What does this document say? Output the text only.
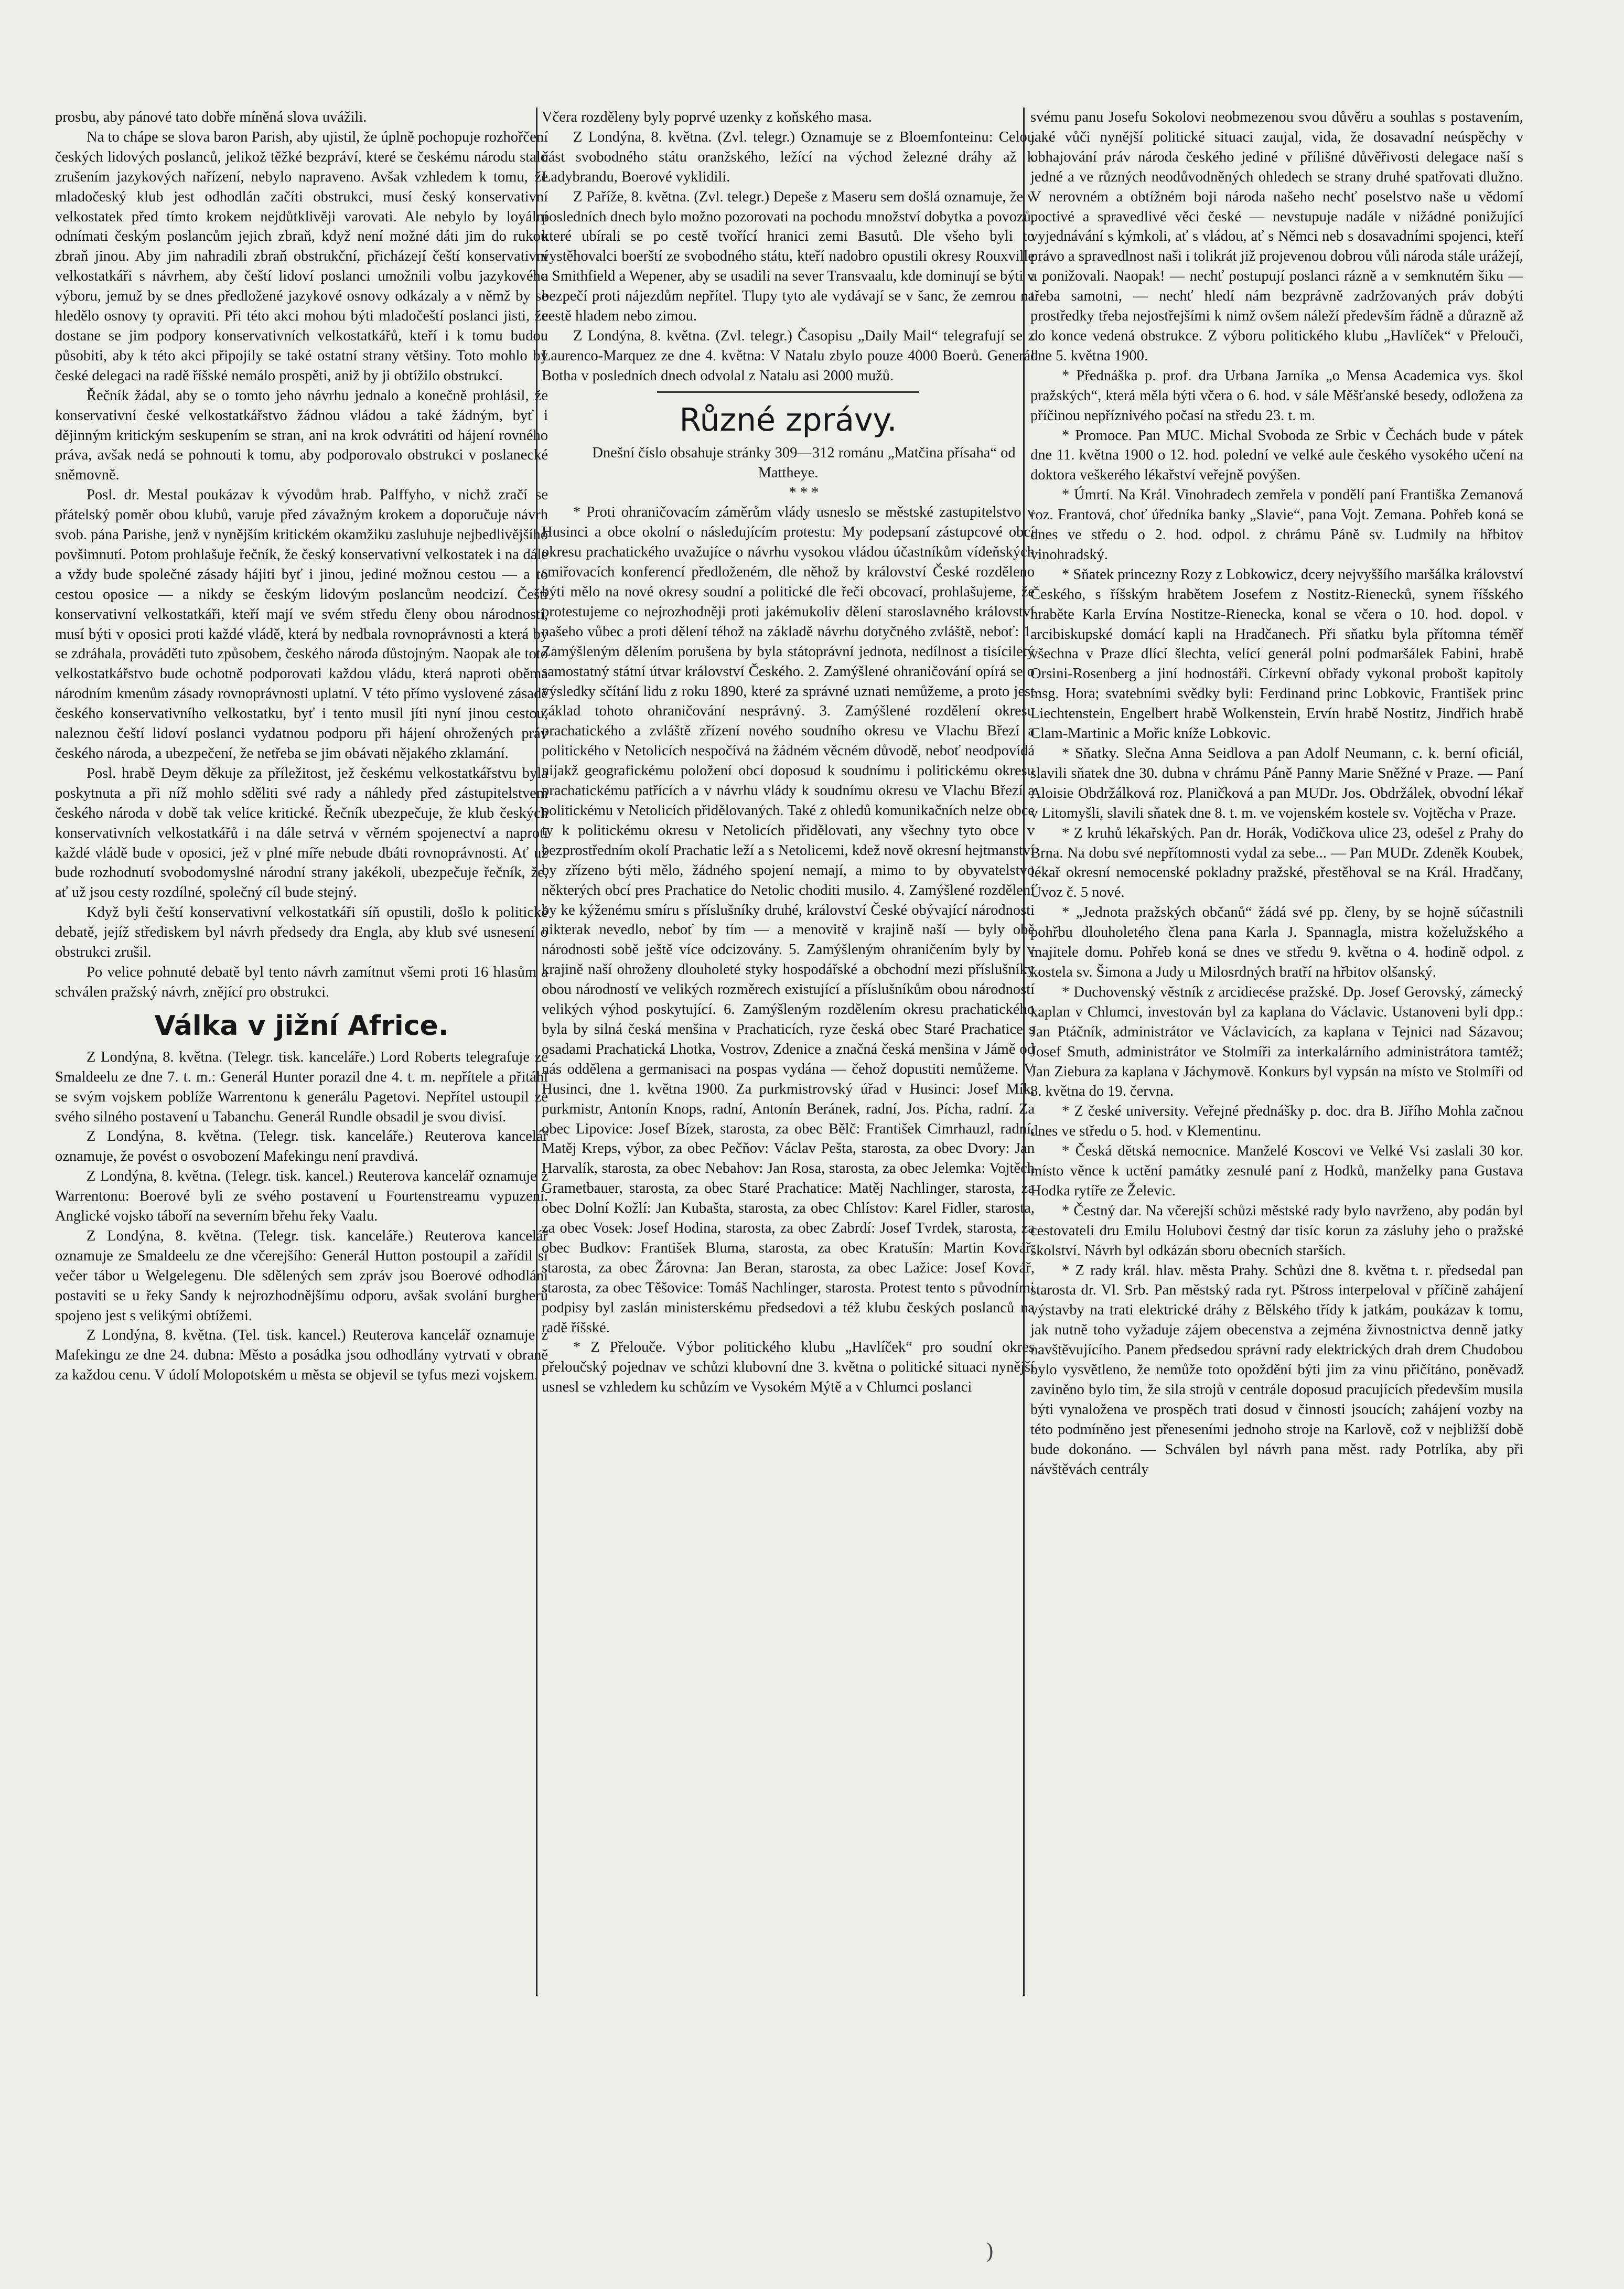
prosbu, aby pánové tato dobře míněná slova uvážili.

Na to chápe se slova baron Parish, aby ujistil, že úplně pochopuje rozhořčení českých lidových poslanců, jelikož těžké bezpráví, které se českému národu stalo zrušením jazykových nařízení, nebylo napraveno. Avšak vzhledem k tomu, že mladočeský klub jest odhodlán začíti obstrukci, musí český konservativní velkostatek před tímto krokem nejdůtklivěji varovati. Ale nebylo by loyální odnímati českým poslancům jejich zbraň, když není možné dáti jim do rukou zbraň jinou. Aby jim nahradili zbraň obstrukční, přicházejí čeští konservativní velkostatkáři s návrhem, aby čeští lidoví poslanci umožnili volbu jazykového výboru, jemuž by se dnes předložené jazykové osnovy odkázaly a v němž by se hledělo osnovy ty opraviti. Při této akci mohou býti mladočeští poslanci jisti, že dostane se jim podpory konservativních velkostatkářů, kteří i k tomu budou působiti, aby k této akci připojily se také ostatní strany většiny. Toto mohlo by české delegaci na radě říšské nemálo prospěti, aniž by ji obtížilo obstrukcí.

Řečník žádal, aby se o tomto jeho návrhu jednalo a konečně prohlásil, že konservativní české velkostatkářstvo žádnou vládou a také žádným, byť i dějinným kritickým seskupením se stran, ani na krok odvrátiti od hájení rovného práva, avšak nedá se pohnouti k tomu, aby podporovalo obstrukci v poslanecké sněmovně.

Posl. dr. Mestal poukázav k vývodům hrab. Palffyho, v nichž zračí se přátelský poměr obou klubů, varuje před závažným krokem a doporučuje návrh svob. pána Parishe, jenž v nynějším kritickém okamžiku zasluhuje nejbedlivějšího povšimnutí. Potom prohlašuje řečník, že český konservativní velkostatek i na dále a vždy bude společné zásady hájiti byť i jinou, jediné možnou cestou — a to cestou oposice — a nikdy se českým lidovým poslancům neodcizí. Čeští konservativní velkostatkáři, kteří mají ve svém středu členy obou národností, musí býti v oposici proti každé vládě, která by nedbala rovnoprávnosti a která by se zdráhala, prováděti tuto způsobem, českého národa důstojným. Naopak ale toto velkostatkářstvo bude ochotně podporovati každou vládu, která naproti oběma národním kmenům zásady rovnoprávnosti uplatní. V této přímo vyslovené zásadě českého konservativního velkostatku, byť i tento musil jíti nyní jinou cestou, naleznou čeští lidoví poslanci vydatnou podporu při hájení ohrožených práv českého národa, a ubezpečení, že netřeba se jim obávati nějakého zklamání.

Posl. hrabě Deym děkuje za příležitost, jež českému velkostatkářstvu byla poskytnuta a při níž mohlo sděliti své rady a náhledy před zástupitelstvem českého národa v době tak velice kritické. Řečník ubezpečuje, že klub českých konservativních velkostatkářů i na dále setrvá v věrném spojenectví a naproti každé vládě bude v oposici, jež v plné míře nebude dbáti rovnoprávnosti. Ať už bude rozhodnutí svobodomyslné národní strany jakékoli, ubezpečuje řečník, že, ať už jsou cesty rozdílné, společný cíl bude stejný.

Když byli čeští konservativní velkostatkáři síň opustili, došlo k politické debatě, jejíž střediskem byl návrh předsedy dra Engla, aby klub své usnesení o obstrukci zrušil.

Po velice pohnuté debatě byl tento návrh zamítnut všemi proti 16 hlasům a schválen pražský návrh, znějící pro obstrukci.

Válka v jižní Africe.

Z Londýna, 8. května. (Telegr. tisk. kanceláře.) Lord Roberts telegrafuje ze Smaldeelu ze dne 7. t. m.: Generál Hunter porazil dne 4. t. m. nepřítele a přitáhl se svým vojskem poblíže Warrentonu k generálu Pagetovi. Nepřítel ustoupil ze svého silného postavení u Tabanchu. Generál Rundle obsadil je svou divisí.

Z Londýna, 8. května. (Telegr. tisk. kanceláře.) Reuterova kancelář oznamuje, že povést o osvobození Mafekingu není pravdivá.

Z Londýna, 8. května. (Telegr. tisk. kancel.) Reuterova kancelář oznamuje z Warrentonu: Boerové byli ze svého postavení u Fourtenstreamu vypuzeni. Anglické vojsko táboří na severním břehu řeky Vaalu.

Z Londýna, 8. května. (Telegr. tisk. kanceláře.) Reuterova kancelář oznamuje ze Smaldeelu ze dne včerejšího: Generál Hutton postoupil a zařídil si večer tábor u Welgelegenu. Dle sdělených sem zpráv jsou Boerové odhodláni postaviti se u řeky Sandy k nejrozhodnějšímu odporu, avšak svolání burgherů spojeno jest s velikými obtížemi.

Z Londýna, 8. května. (Tel. tisk. kancel.) Reuterova kancelář oznamuje z Mafekingu ze dne 24. dubna: Město a posádka jsou odhodlány vytrvati v obraně za každou cenu. V údolí Molopotském u města se objevil se tyfus mezi vojskem.

Včera rozděleny byly poprvé uzenky z koňského masa.

Z Londýna, 8. května. (Zvl. telegr.) Oznamuje se z Bloemfonteinu: Celou část svobodného státu oranžského, ležící na východ železné dráhy až k Ladybrandu, Boerové vyklidili.

Z Paříže, 8. května. (Zvl. telegr.) Depeše z Maseru sem došlá oznamuje, že v posledních dnech bylo možno pozorovati na pochodu množství dobytka a povozů, které ubírali se po cestě tvořící hranici zemi Basutů. Dle všeho byli to vystěhovalci boerští ze svobodného státu, kteří nadobro opustili okresy Rouxville a Smithfield a Wepener, aby se usadili na sever Transvaalu, kde dominují se býti v bezpečí proti nájezdům nepřítel. Tlupy tyto ale vydávají se v šanc, že zemrou na cestě hladem nebo zimou.

Z Londýna, 8. května. (Zvl. telegr.) Časopisu „Daily Mail“ telegrafují se z Laurenco-Marquez ze dne 4. května: V Natalu zbylo pouze 4000 Boerů. Generál Botha v posledních dnech odvolal z Natalu asi 2000 mužů.

Různé zprávy.

Dnešní číslo obsahuje stránky 309—312 románu „Matčina přísaha“ od Mattheye.

* * *

* Proti ohraničovacím záměrům vlády usneslo se městské zastupitelstvo v Husinci a obce okolní o následujícím protestu: My podepsaní zástupcové obcí okresu prachatického uvažujíce o návrhu vysokou vládou účastníkům vídeňských smiřovacích konferencí předloženém, dle něhož by království České rozděleno býti mělo na nové okresy soudní a politické dle řeči obcovací, prohlašujeme, že protestujeme co nejrozhodněji proti jakémukoliv dělení staroslavného království našeho vůbec a proti dělení téhož na základě návrhu dotyčného zvláště, neboť: 1. Zamýšleným dělením porušena by byla státoprávní jednota, nedílnost a tisíciletý samostatný státní útvar království Českého. 2. Zamýšlené ohraničování opírá se o výsledky sčítání lidu z roku 1890, které za správné uznati nemůžeme, a proto jest základ tohoto ohraničování nesprávný. 3. Zamýšlené rozdělení okresu prachatického a zvláště zřízení nového soudního okresu ve Vlachu Březí a politického v Netolicích nespočívá na žádném věcném důvodě, neboť neodpovídá nijakž geografickému položení obcí doposud k soudnímu i politickému okresu prachatickému patřících a v návrhu vlády k soudnímu okresu ve Vlachu Březí a politickému v Netolicích přidělovaných. Také z ohledů komunikačních nelze obce ty k politickému okresu v Netolicích přidělovati, any všechny tyto obce v bezprostředním okolí Prachatic leží a s Netolicemi, kdež nově okresní hejtmanství by zřízeno býti mělo, žádného spojení nemají, a mimo to by obyvatelstvo některých obcí pres Prachatice do Netolic choditi musilo. 4. Zamýšlené rozdělení by ke kýženému smíru s příslušníky druhé, království České obývající národnosti nikterak nevedlo, neboť by tím — a menovitě v krajině naší — byly obě národnosti sobě ještě více odcizovány. 5. Zamýšleným ohraničením byly by v krajině naší ohroženy dlouholeté styky hospodářské a obchodní mezi příslušníky obou národností ve velikých rozměrech existující a příslušníkům obou národností velikých výhod poskytující. 6. Zamýšleným rozdělením okresu prachatického byla by silná česká menšina v Prachaticích, ryze česká obec Staré Prachatice s osadami Prachatická Lhotka, Vostrov, Zdenice a značná česká menšina v Jámě od nás oddělena a germanisaci na pospas vydána — čehož dopustiti nemůžeme. V Husinci, dne 1. května 1900. Za purkmistrovský úřad v Husinci: Josef Mík, purkmistr, Antonín Knops, radní, Antonín Beránek, radní, Jos. Pícha, radní. Za obec Lipovice: Josef Bízek, starosta, za obec Bělč: František Cimrhauzl, radní, Matěj Kreps, výbor, za obec Pečňov: Václav Pešta, starosta, za obec Dvory: Jan Harvalík, starosta, za obec Nebahov: Jan Rosa, starosta, za obec Jelemka: Vojtěch Grametbauer, starosta, za obec Staré Prachatice: Matěj Nachlinger, starosta, za obec Dolní Kožlí: Jan Kubašta, starosta, za obec Chlístov: Karel Fidler, starosta, za obec Vosek: Josef Hodina, starosta, za obec Zabrdí: Josef Tvrdek, starosta, za obec Budkov: František Bluma, starosta, za obec Kratušín: Martin Kovář, starosta, za obec Žárovna: Jan Beran, starosta, za obec Lažice: Josef Kovář, starosta, za obec Těšovice: Tomáš Nachlinger, starosta. Protest tento s původními podpisy byl zaslán ministerskému předsedovi a též klubu českých poslanců na radě říšské.

* Z Přelouče. Výbor politického klubu „Havlíček“ pro soudní okres přeloučský pojednav ve schůzi klubovní dne 3. května o politické situaci nynější usnesl se vzhledem ku schůzím ve Vysokém Mýtě a v Chlumci poslanci

svému panu Josefu Sokolovi neobmezenou svou důvěru a souhlas s postavením, jaké vůči nynější politické situaci zaujal, vida, že dosavadní neúspěchy v obhajování práv národa českého jediné v přílišné důvěřivosti delegace naší s jedné a ve různých neodůvodněných ohledech se strany druhé spatřovati dlužno. V nerovném a obtížném boji národa našeho nechť poselstvo naše u vědomí poctivé a spravedlivé věci české — nevstupuje nadále v nižádné ponižující vyjednávání s kýmkoli, ať s vládou, ať s Němci neb s dosavadními spojenci, kteří právo a spravedlnost naši i tolikrát již projevenou dobrou vůli národa stále urážejí, a ponižovali. Naopak! — nechť postupují poslanci rázně a v semknutém šiku — třeba samotni, — nechť hledí nám bezprávně zadržovaných práv dobýti prostředky třeba nejostřejšími k nimž ovšem náleží především řádně a důrazně až do konce vedená obstrukce. Z výboru politického klubu „Havlíček“ v Přelouči, dne 5. května 1900.

* Přednáška p. prof. dra Urbana Jarníka „o Mensa Academica vys. škol pražských“, která měla býti včera o 6. hod. v sále Měšťanské besedy, odložena za příčinou nepříznivého počasí na středu 23. t. m.

* Promoce. Pan MUC. Michal Svoboda ze Srbic v Čechách bude v pátek dne 11. května 1900 o 12. hod. polední ve velké aule českého vysokého učení na doktora veškerého lékařství veřejně povýšen.

* Úmrtí. Na Král. Vinohradech zemřela v pondělí paní Františka Zemanová roz. Frantová, choť úředníka banky „Slavie“, pana Vojt. Zemana. Pohřeb koná se dnes ve středu o 2. hod. odpol. z chrámu Páně sv. Ludmily na hřbitov vinohradský.

* Sňatek princezny Rozy z Lobkowicz, dcery nejvyššího maršálka království Českého, s říšským hrabětem Josefem z Nostitz-Rienecků, synem říšského hraběte Karla Ervína Nostitze-Rieneckа, konal se včera o 10. hod. dopol. v arcibiskupské domácí kapli na Hradčanech. Při sňatku byla přítomna téměř všechna v Praze dlící šlechta, velící generál polní podmaršálek Fabini, hrabě Orsini-Rosenberg a jiní hodnostáři. Církevní obřady vykonal probošt kapitoly msg. Hora; svatebními svědky byli: Ferdinand princ Lobkovic, František princ Liechtenstein, Engelbert hrabě Wolkenstein, Ervín hrabě Nostitz, Jindřich hrabě Clam-Martinic a Mořic kníže Lobkovic.

* Sňatky. Slečna Anna Seidlova a pan Adolf Neumann, c. k. berní oficiál, slavili sňatek dne 30. dubna v chrámu Páně Panny Marie Sněžné v Praze. — Paní Aloisie Obdržálková roz. Planičková a pan MUDr. Jos. Obdržálek, obvodní lékař v Litomyšli, slavili sňatek dne 8. t. m. ve vojenském kostele sv. Vojtěcha v Praze.

* Z kruhů lékařských. Pan dr. Horák, Vodičkova ulice 23, odešel z Prahy do Brna. Na dobu své nepřítomnosti vydal za sebe... — Pan MUDr. Zdeněk Koubek, lékař okresní nemocenské pokladny pražské, přestěhoval se na Král. Hradčany, Úvoz č. 5 nové.

* „Jednota pražských občanů“ žádá své pp. členy, by se hojně súčastnili pohřbu dlouholetého člena pana Karla J. Spannagla, mistra koželužského a majitele domu. Pohřeb koná se dnes ve středu 9. května o 4. hodině odpol. z kostela sv. Šimona a Judy u Milosrdných bratří na hřbitov olšanský.

* Duchovenský věstník z arcidiecése pražské. Dp. Josef Gerovský, zámecký kaplan v Chlumci, investován byl za kaplana do Václavic. Ustanoveni byli dpp.: Jan Ptáčník, administrátor ve Václavicích, za kaplana v Tejnici nad Sázavou; Josef Smuth, administrátor ve Stolmíři za interkalárního administrátora tamtéž; Jan Ziebura za kaplana v Jáchymově. Konkurs byl vypsán na místo ve Stolmíři od 8. května do 19. června.

* Z české university. Veřejné přednášky p. doc. dra B. Jiřího Mohla začnou dnes ve středu o 5. hod. v Klementinu.

* Česká dětská nemocnice. Manželé Koscovi ve Velké Vsi zaslali 30 kor. místo věnce k uctění památky zesnulé paní z Hodků, manželky pana Gustava Hodka rytíře ze Želevic.

* Čestný dar. Na včerejší schůzi městské rady bylo navrženo, aby podán byl cestovateli dru Emilu Holubovi čestný dar tisíc korun za zásluhy jeho o pražské školství. Návrh byl odkázán sboru obecních starších.

* Z rady král. hlav. města Prahy. Schůzi dne 8. května t. r. předsedal pan starosta dr. Vl. Srb. Pan městský rada ryt. Pštross interpeloval v příčině zahájení výstavby na trati elektrické dráhy z Bělského třídy k jatkám, poukázav k tomu, jak nutně toho vyžaduje zájem obecenstva a zejména živnostnictva denně jatky navštěvujícího. Panem předsedou správní rady elektrických drah drem Chudobou bylo vysvětleno, že nemůže toto opoždění býti jim za vinu přičítáno, poněvadž zaviněno bylo tím, že sila strojů v centrále doposud pracujících především musila býti vynaložena ve prospěch trati dosud v činnosti jsoucích; zahájení vozby na této podmíněno jest přeneseními jednoho stroje na Karlově, což v nejbližší době bude dokonáno. — Schválen byl návrh pana měst. rady Potrlíka, aby při návštěvách centrály

)
